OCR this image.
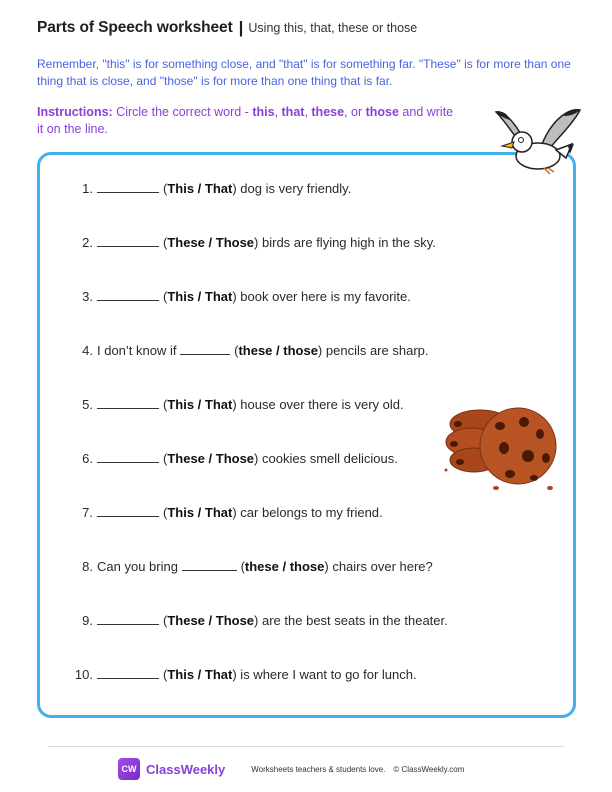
Parts of Speech worksheet | Using this, that, these or those

Remember, "this" is for something close, and "that" is for something far. "These" is for more than one thing that is close, and "those" is for more than one thing that is far.

Instructions: Circle the correct word - this, that, these, or those and write it on the line.

1.	(This / That) dog is very friendly.
2.	(These / Those) birds are flying high in the sky.
3.	(This / That) book over here is my favorite.
4. I don’t know if	(these / those) pencils are sharp.
5.	(This / That) house over there is very old.
6.	(These / Those) cookies smell delicious.
7.	(This / That) car belongs to my friend.
8. Can you bring	(these / those) chairs over here?
9.	(These / Those) are the best seats in the theater.
10.	(This / That) is where I want to go for lunch.
CW ClassWeekly	Worksheets teachers & students love. © ClassWeekly.com
